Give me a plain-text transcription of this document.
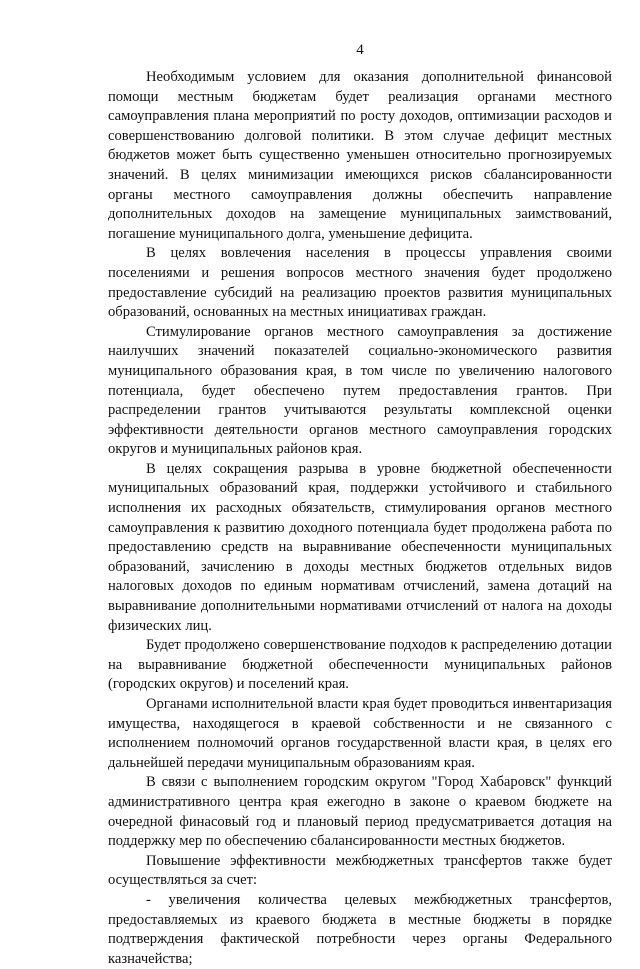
4

Необходимым условием для оказания дополнительной финансовой помощи местным бюджетам будет реализация органами местного самоуправления плана мероприятий по росту доходов, оптимизации расходов и совершенствованию долговой политики. В этом случае дефицит местных бюджетов может быть существенно уменьшен относительно прогнозируемых значений. В целях минимизации имеющихся рисков сбалансированности органы местного самоуправления должны обеспечить направление дополнительных доходов на замещение муниципальных заимствований, погашение муниципального долга, уменьшение дефицита.

В целях вовлечения населения в процессы управления своими поселениями и решения вопросов местного значения будет продолжено предоставление субсидий на реализацию проектов развития муниципальных образований, основанных на местных инициативах граждан.

Стимулирование органов местного самоуправления за достижение наилучших значений показателей социально-экономического развития муниципального образования края, в том числе по увеличению налогового потенциала, будет обеспечено путем предоставления грантов. При распределении грантов учитываются результаты комплексной оценки эффективности деятельности органов местного самоуправления городских округов и муниципальных районов края.

В целях сокращения разрыва в уровне бюджетной обеспеченности муниципальных образований края, поддержки устойчивого и стабильного исполнения их расходных обязательств, стимулирования органов местного самоуправления к развитию доходного потенциала будет продолжена работа по предоставлению средств на выравнивание обеспеченности муниципальных образований, зачислению в доходы местных бюджетов отдельных видов налоговых доходов по единым нормативам отчислений, замена дотаций на выравнивание дополнительными нормативами отчислений от налога на доходы физических лиц.

Будет продолжено совершенствование подходов к распределению дотации на выравнивание бюджетной обеспеченности муниципальных районов (городских округов) и поселений края.

Органами исполнительной власти края будет проводиться инвентаризация имущества, находящегося в краевой собственности и не связанного с исполнением полномочий органов государственной власти края, в целях его дальнейшей передачи муниципальным образованиям края.

В связи с выполнением городским округом "Город Хабаровск" функций административного центра края ежегодно в законе о краевом бюджете на очередной финасовый год и плановый период предусматривается дотация на поддержку мер по обеспечению сбалансированности местных бюджетов.

Повышение эффективности межбюджетных трансфертов также будет осуществляться за счет:

- увеличения количества целевых межбюджетных трансфертов, предоставляемых из краевого бюджета в местные бюджеты в порядке подтверждения фактической потребности через органы Федерального казначейства;
